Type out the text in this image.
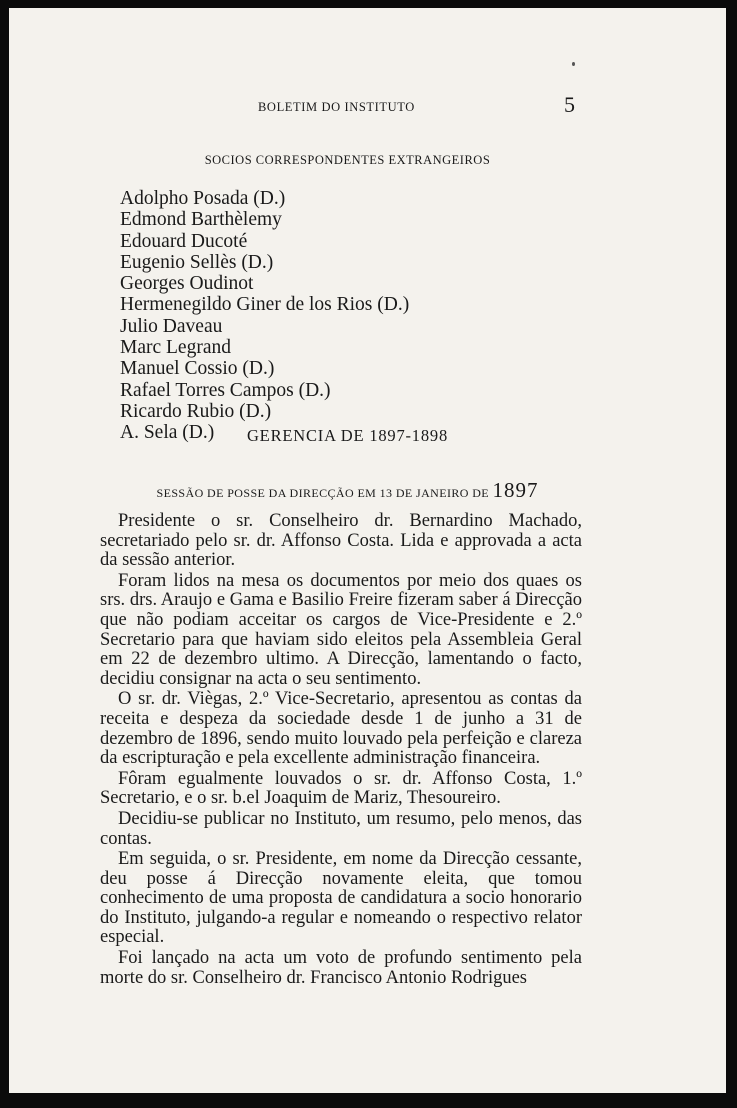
BOLETIM DO INSTITUTO	5
SOCIOS CORRESPONDENTES EXTRANGEIROS
Adolpho Posada (D.)
Edmond Barthèlemy
Edouard Ducoté
Eugenio Sellès (D.)
Georges Oudinot
Hermenegildo Giner de los Rios (D.)
Julio Daveau
Marc Legrand
Manuel Cossio (D.)
Rafael Torres Campos (D.)
Ricardo Rubio (D.)
A. Sela (D.)	GERENCIA DE 1897-1898
SESSÃO DE POSSE DA DIRECÇÃO EM 13 DE JANEIRO DE 1897

Presidente o sr. Conselheiro dr. Bernardino Machado, secretariado pelo sr. dr. Affonso Costa. Lida e approvada a acta da sessão anterior.

Foram lidos na mesa os documentos por meio dos quaes os srs. drs. Araujo e Gama e Basilio Freire fizeram saber á Direcção que não podiam acceitar os cargos de Vice-Presidente e 2.º Secretario para que haviam sido eleitos pela Assembleia Geral em 22 de dezembro ultimo. A Direcção, lamentando o facto, decidiu consignar na acta o seu sentimento.

O sr. dr. Viègas, 2.º Vice-Secretario, apresentou as contas da receita e despeza da sociedade desde 1 de junho a 31 de dezembro de 1896, sendo muito louvado pela perfeição e clareza da escripturação e pela excellente administração financeira.

Fôram egualmente louvados o sr. dr. Affonso Costa, 1.º Secretario, e o sr. b.el Joaquim de Mariz, Thesoureiro.

Decidiu-se publicar no Instituto, um resumo, pelo menos, das contas.

Em seguida, o sr. Presidente, em nome da Direcção cessante, deu posse á Direcção novamente eleita, que tomou conhecimento de uma proposta de candidatura a socio honorario do Instituto, julgando-a regular e nomeando o respectivo relator especial.

Foi lançado na acta um voto de profundo sentimento pela morte do sr. Conselheiro dr. Francisco Antonio Rodrigues
